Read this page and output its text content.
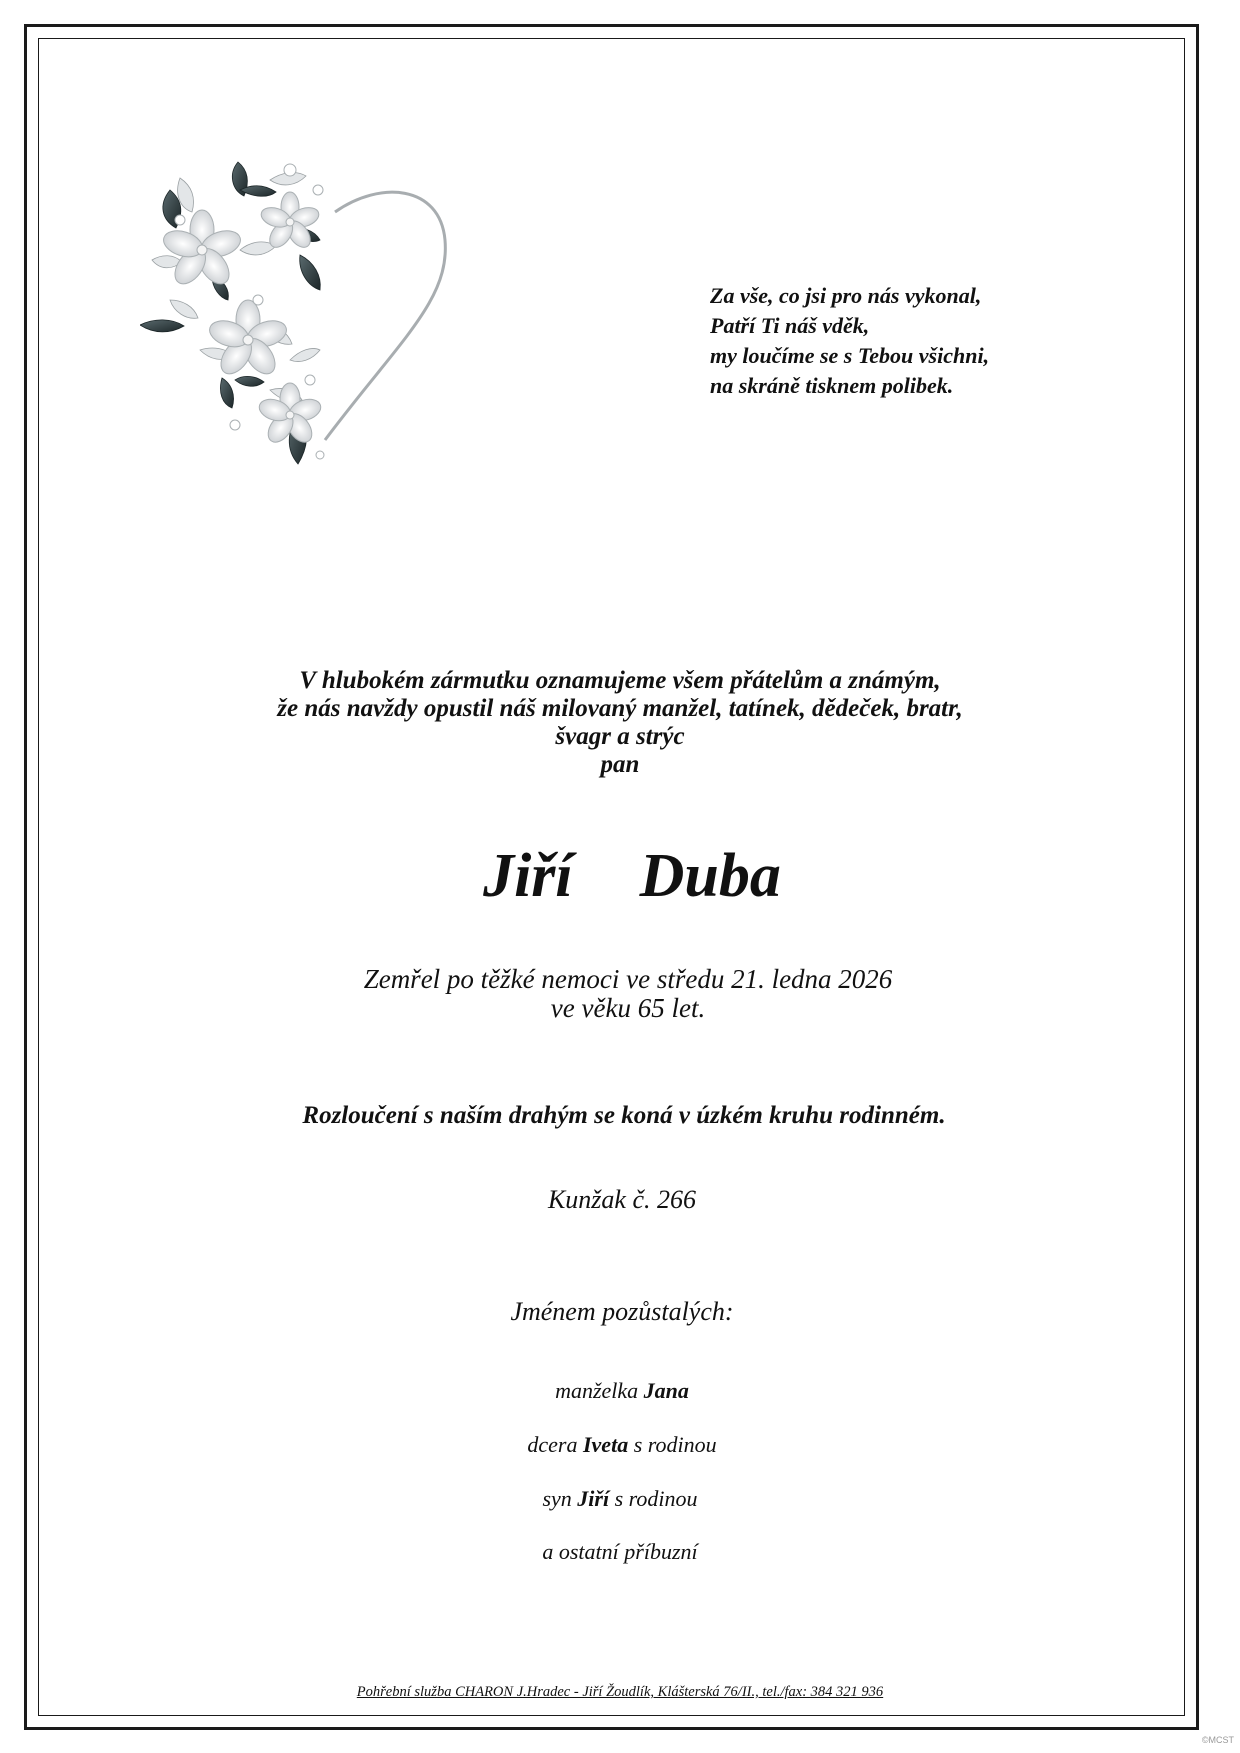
Za vše, co jsi pro nás vykonal,
Patří Ti náš vděk,
my loučíme se s Tebou všichni,
na skráně tisknem polibek.
V hlubokém zármutku oznamujeme všem přátelům a známým,
že nás navždy opustil náš milovaný manžel, tatínek, dědeček, bratr,
švagr a strýc
pan
Jiří  Duba
Zemřel po těžké nemoci ve středu 21. ledna 2026
ve věku 65 let.
Rozloučení s naším drahým se koná v úzkém kruhu rodinném.
Kunžak č. 266
Jménem pozůstalých:
manželka Jana
dcera Iveta s rodinou
syn Jiří s rodinou
a ostatní příbuzní
Pohřební služba CHARON J.Hradec - Jiří Žoudlík, Klášterská 76/II., tel./fax: 384 321 936
©MCST
